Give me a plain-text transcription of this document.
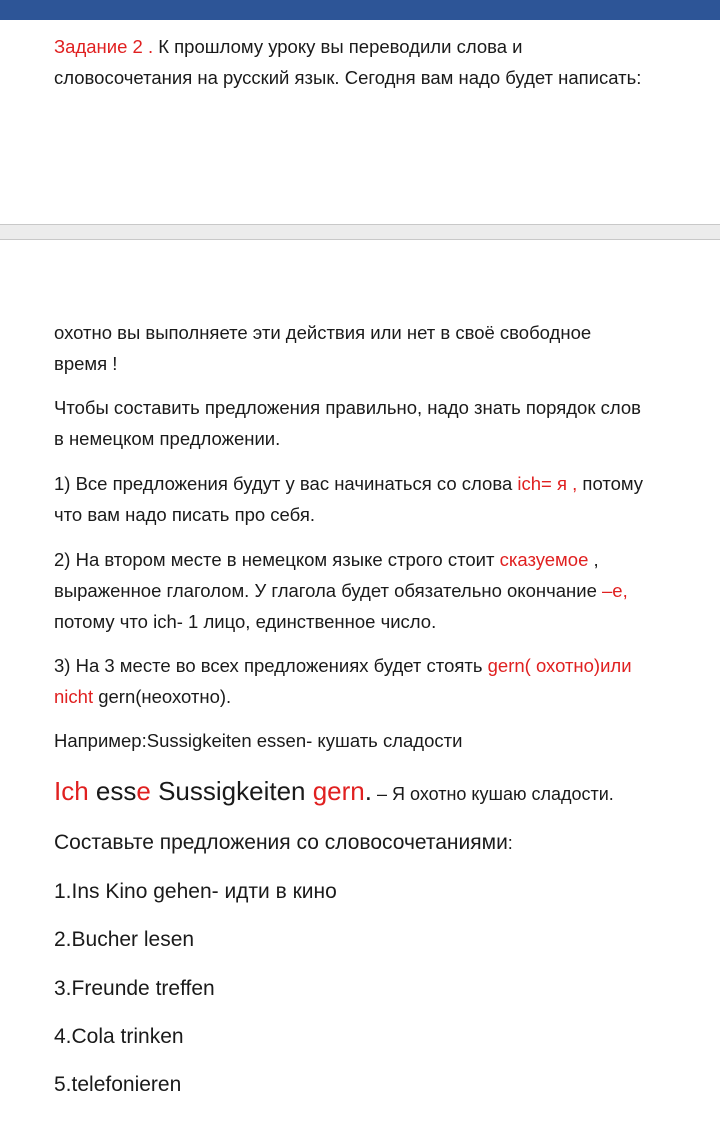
Задание 2 . К прошлому уроку вы переводили слова и

словосочетания на русский язык. Сегодня вам надо будет написать:

охотно вы выполняете эти действия или нет в своё свободное

время !

Чтобы составить предложения правильно, надо знать порядок слов

в немецком предложении.

1) Все предложения будут у вас начинаться со слова ich= я , потому

что вам надо писать про себя.

2) На втором месте в немецком языке строго стоит сказуемое ,

выраженное глаголом. У глагола будет обязательно окончание –е,

потому что ich- 1 лицо, единственное число.

3) На 3 месте во всех предложениях будет стоять gern( охотно)или

nicht gern(неохотно).

Например:Sussigkeiten essen- кушать сладости

Ich esse Sussigkeiten gern. – Я охотно кушаю сладости.

Составьте предложения со словосочетаниями:

1.Ins Kino gehen- идти в кино

2.Bucher lesen

3.Freunde treffen

4.Cola trinken

5.telefonieren
